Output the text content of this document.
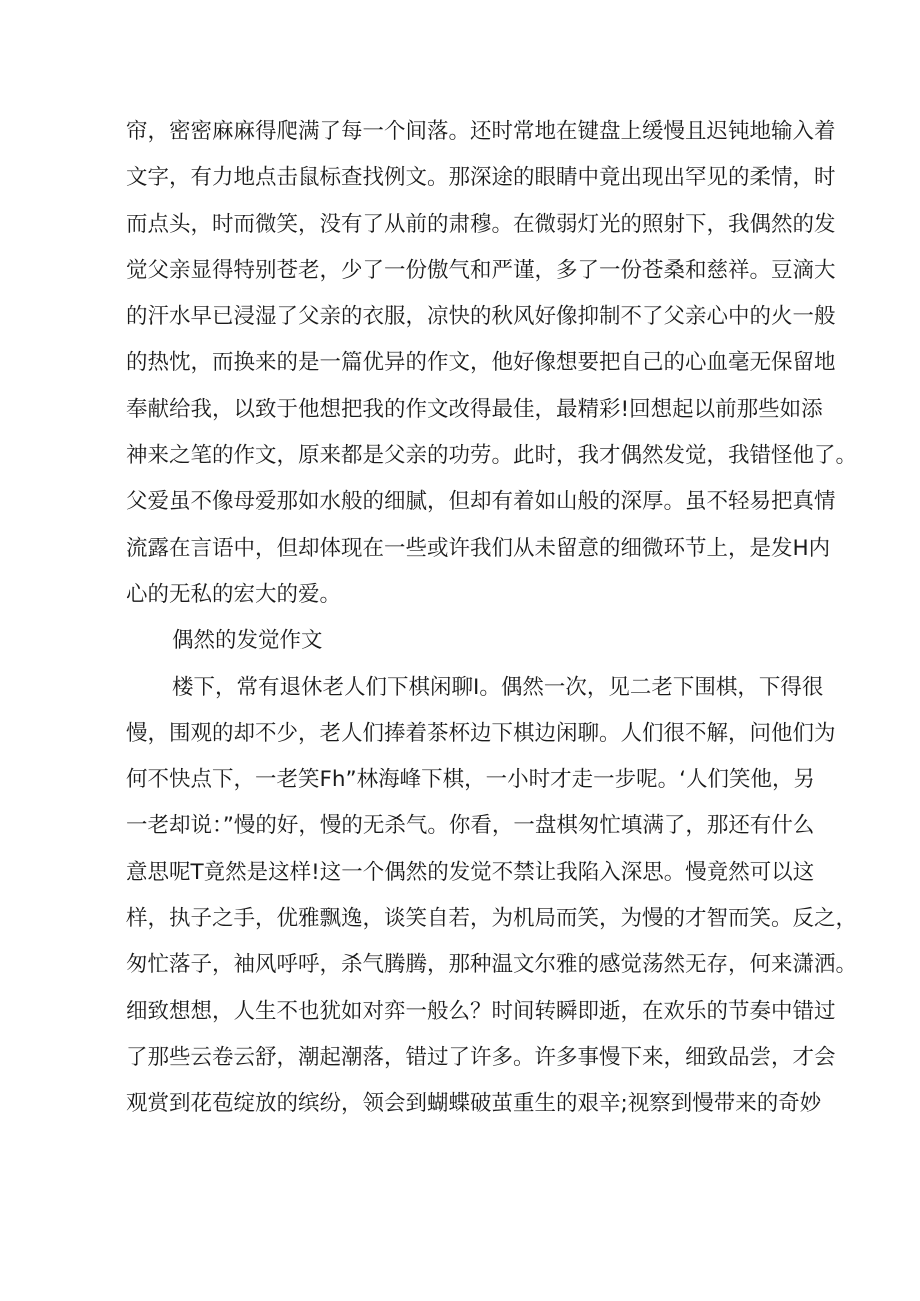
帘，密密麻麻得爬满了每一个间落。还时常地在键盘上缓慢且迟钝地输入着
文字，有力地点击鼠标查找例文。那深途的眼睛中竟出现出罕见的柔情，时
而点头，时而微笑，没有了从前的肃穆。在微弱灯光的照射下，我偶然的发
觉父亲显得特别苍老，少了一份傲气和严谨，多了一份苍桑和慈祥。豆滴大
的汗水早已浸湿了父亲的衣服，凉快的秋风好像抑制不了父亲心中的火一般
的热忱，而换来的是一篇优异的作文，他好像想要把自己的心血毫无保留地
奉献给我，以致于他想把我的作文改得最佳，最精彩!回想起以前那些如添
神来之笔的作文，原来都是父亲的功劳。此时，我才偶然发觉，我错怪他了。
父爱虽不像母爱那如水般的细腻，但却有着如山般的深厚。虽不轻易把真情
流露在言语中，但却体现在一些或许我们从未留意的细微环节上，是发H内
心的无私的宏大的爱。
偶然的发觉作文
楼下，常有退休老人们下棋闲聊I。偶然一次，见二老下围棋，下得很
慢，围观的却不少，老人们捧着茶杯边下棋边闲聊。人们很不解，问他们为
何不快点下，一老笑Fh”林海峰下棋，一小时才走一步呢。‘人们笑他，另
一老却说：”慢的好，慢的无杀气。你看，一盘棋匆忙填满了，那还有什么
意思呢T竟然是这样!这一个偶然的发觉不禁让我陷入深思。慢竟然可以这
样，执子之手，优雅飘逸，谈笑自若，为机局而笑，为慢的才智而笑。反之，
匆忙落子，袖风呼呼，杀气腾腾，那种温文尔雅的感觉荡然无存，何来潇洒。
细致想想，人生不也犹如对弈一般么？时间转瞬即逝，在欢乐的节奏中错过
了那些云卷云舒，潮起潮落，错过了许多。许多事慢下来，细致品尝，才会
观赏到花苞绽放的缤纷，领会到蝴蝶破茧重生的艰辛;视察到慢带来的奇妙
